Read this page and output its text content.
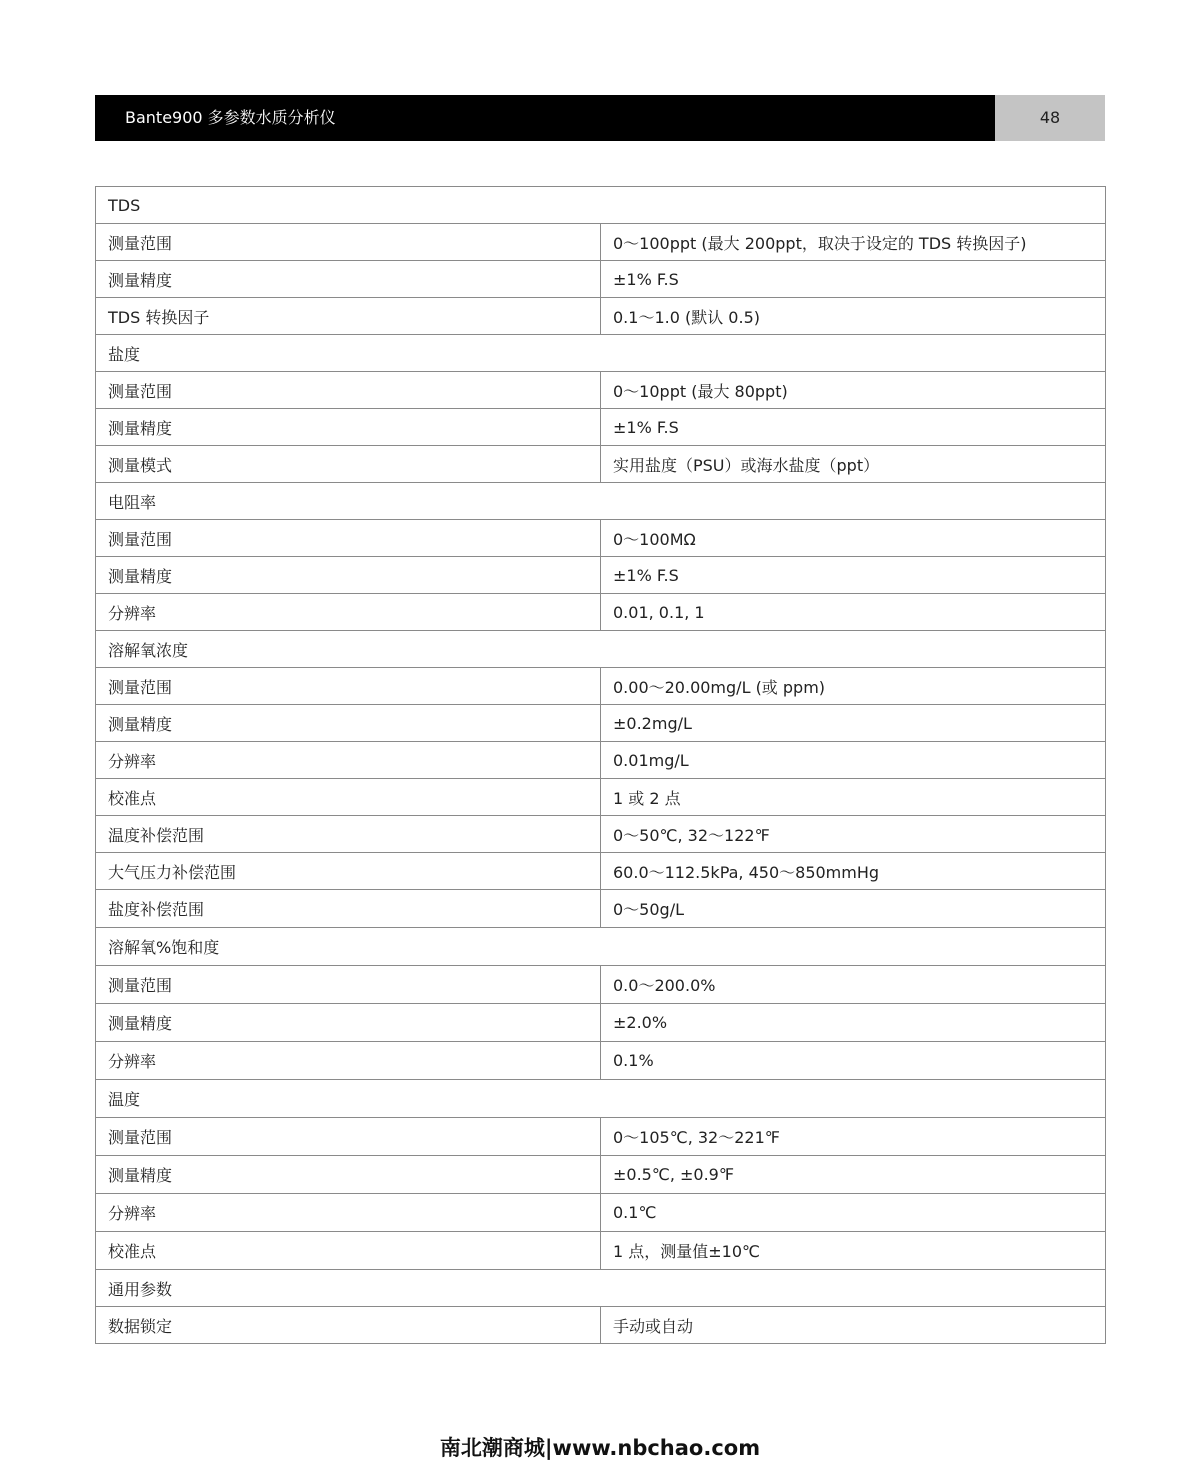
Bante900 多参数水质分析仪	48
TDS	
测量范围	0～100ppt (最大 200ppt，取决于设定的 TDS 转换因子)
测量精度	±1% F.S
TDS 转换因子	0.1～1.0 (默认 0.5)
盐度	
测量范围	0～10ppt (最大 80ppt)
测量精度	±1% F.S
测量模式	实用盐度（PSU）或海水盐度（ppt）
电阻率	
测量范围	0～100MΩ
测量精度	±1% F.S
分辨率	0.01, 0.1, 1
溶解氧浓度	
测量范围	0.00～20.00mg/L (或 ppm)
测量精度	±0.2mg/L
分辨率	0.01mg/L
校准点	1 或 2 点
温度补偿范围	0～50℃, 32～122℉
大气压力补偿范围	60.0～112.5kPa, 450～850mmHg
盐度补偿范围	0～50g/L
溶解氧%饱和度	
测量范围	0.0～200.0%
测量精度	±2.0%
分辨率	0.1%
温度	
测量范围	0～105℃, 32～221℉
测量精度	±0.5℃, ±0.9℉
分辨率	0.1℃
校准点	1 点，测量值±10℃
通用参数	
数据锁定	手动或自动
南北潮商城|www.nbchao.com
